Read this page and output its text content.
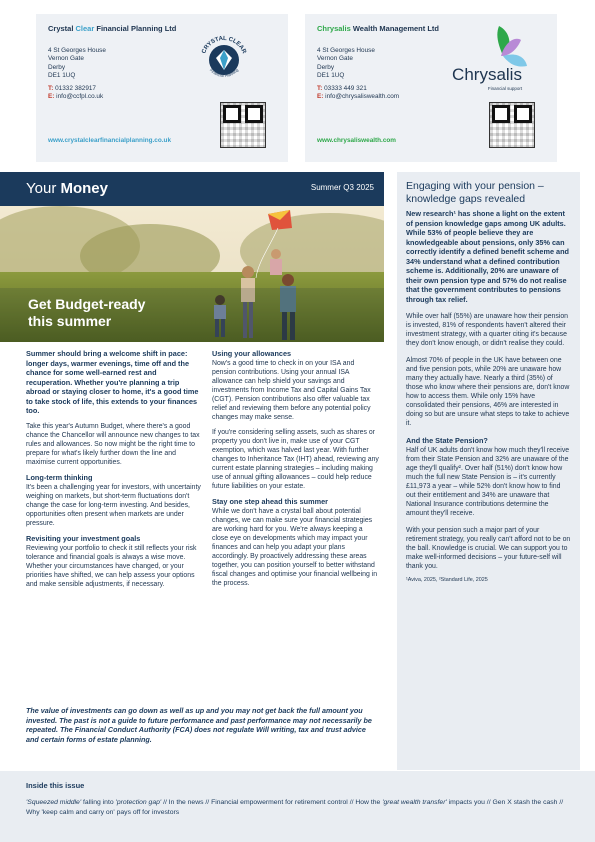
Crystal Clear Financial Planning Ltd
4 St Georges House
Vernon Gate
Derby
DE1 1UQ
T: 01332 382917
E: info@ccfpl.co.uk
www.crystalclearfinancialplanning.co.uk
CRYSTAL CLEAR
Financial Planning
Chrysalis Wealth Management Ltd
4 St Georges House
Vernon Gate
Derby
DE1 1UQ
T: 03333 449 321
E: info@chrysaliswealth.com
www.chrysaliswealth.com
Chrysalis
Financial support
Your Money	Summer Q3 2025
Get Budget-ready
this summer

Summer should bring a welcome shift in pace: longer days, warmer evenings, time off and the chance for some well-earned rest and recuperation. Whether you're planning a trip abroad or staying closer to home, it's a good time to take stock of life, this extends to your finances too.

Take this year's Autumn Budget, where there's a good chance the Chancellor will announce new changes to tax rules and allowances. So now might be the right time to prepare for what's likely further down the line and maximise current opportunities.

Long-term thinking

It's been a challenging year for investors, with uncertainty weighing on markets, but short-term fluctuations don't change the case for long-term investing. And besides, opportunities often present when markets are under pressure.

Revisiting your investment goals

Reviewing your portfolio to check it still reflects your risk tolerance and financial goals is always a wise move. Whether your circumstances have changed, or your priorities have shifted, we can help assess your options and make sensible adjustments, if necessary.

Using your allowances

Now's a good time to check in on your ISA and pension contributions. Using your annual ISA allowance can help shield your savings and investments from Income Tax and Capital Gains Tax (CGT). Pension contributions also offer valuable tax relief and reviewing them before any potential policy changes may make sense.

If you're considering selling assets, such as shares or property you don't live in, make use of your CGT exemption, which was halved last year. With further changes to Inheritance Tax (IHT) ahead, reviewing any current estate planning strategies – including making use of annual gifting allowances – could help reduce future liabilities on your estate.

Stay one step ahead this summer

While we don't have a crystal ball about potential changes, we can make sure your financial strategies are working hard for you. We're always keeping a close eye on developments which may impact your finances and can help you adapt your plans accordingly. By proactively addressing these areas together, you can position yourself to better withstand fiscal changes and optimise your financial wellbeing in the process.

The value of investments can go down as well as up and you may not get back the full amount you invested. The past is not a guide to future performance and past performance may not necessarily be repeated. The Financial Conduct Authority (FCA) does not regulate Will writing, tax and trust advice and certain forms of estate planning.
Engaging with your pension – knowledge gaps revealed
New research¹ has shone a light on the extent of pension knowledge gaps among UK adults. While 53% of people believe they are knowledgeable about pensions, only 35% can correctly identify a defined benefit scheme and 34% understand what a defined contribution scheme is. Additionally, 20% are unaware of their own pension type and 57% do not realise that the government contributes to pensions through tax relief.

While over half (55%) are unaware how their pension is invested, 81% of respondents haven't altered their investment strategy, with a quarter citing it's because they don't know enough, or didn't realise they could.

Almost 70% of people in the UK have between one and five pension pots, while 20% are unaware how many they actually have. Nearly a third (35%) of those who know where their pensions are, don't know how to access them. While only 15% have consolidated their pensions, 46% are interested in doing so but are unsure what steps to take to achieve it.

And the State Pension?

Half of UK adults don't know how much they'll receive from their State Pension and 32% are unaware of the age they'll qualify². Over half (51%) don't know how much the full new State Pension is – it's currently £11,973 a year – while 52% don't know how to find out their entitlement and 34% are unaware that National Insurance contributions determine the amount they'll receive.

With your pension such a major part of your retirement strategy, you really can't afford not to be on the ball. Knowledge is crucial. We can support you to make well-informed decisions – your future-self will thank you.

¹Aviva, 2025, ²Standard Life, 2025
Inside this issue
'Squeezed middle' falling into 'protection gap' // In the news // Financial empowerment for retirement control // How the 'great wealth transfer' impacts you // Gen X stash the cash // Why 'keep calm and carry on' pays off for investors
